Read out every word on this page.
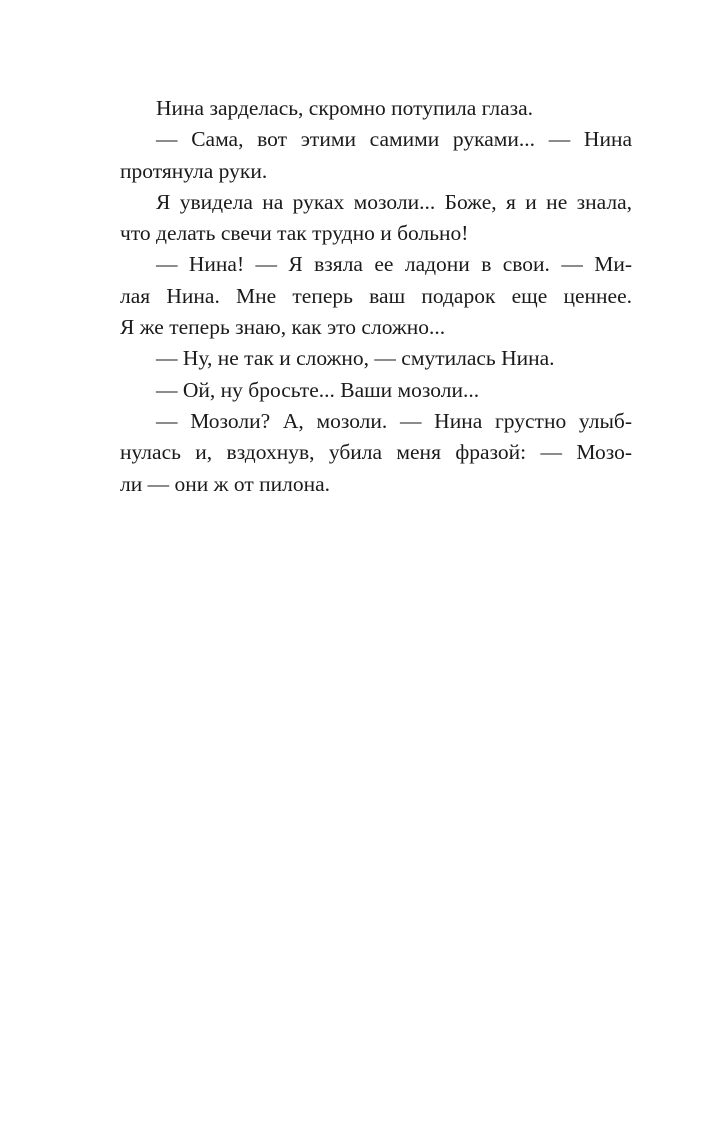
Нина зарделась, скромно потупила глаза.
— Сама, вот этими самими руками... — Нина
протянула руки.
Я увидела на руках мозоли... Боже, я и не знала,
что делать свечи так трудно и больно!
— Нина! — Я взяла ее ладони в свои. — Ми-
лая Нина. Мне теперь ваш подарок еще ценнее.
Я же теперь знаю, как это сложно...
— Ну, не так и сложно, — смутилась Нина.
— Ой, ну бросьте... Ваши мозоли...
— Мозоли? А, мозоли. — Нина грустно улыб-
нулась и, вздохнув, убила меня фразой: — Мозо-
ли — они ж от пилона.
